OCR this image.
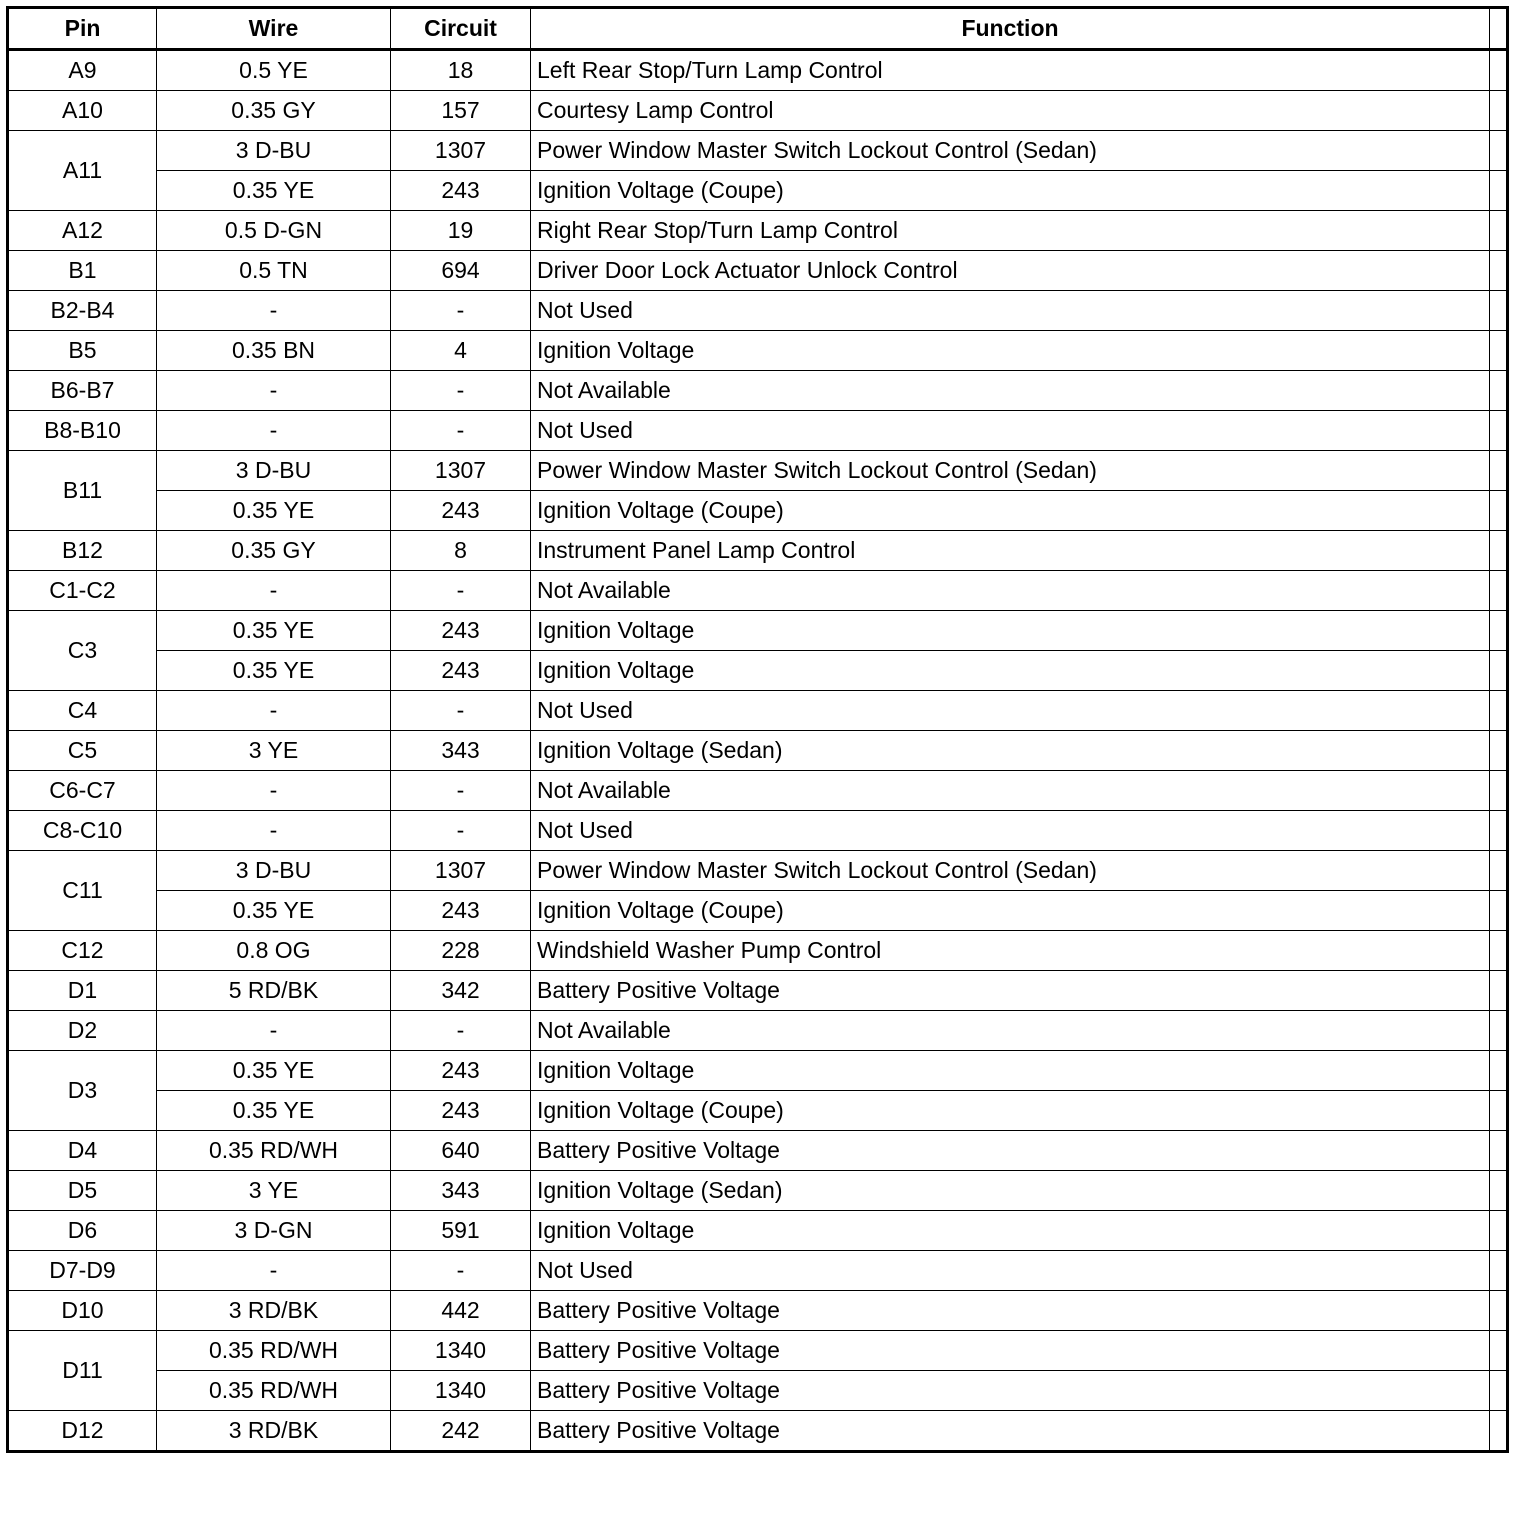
Pin	Wire	Circuit	Function	
A9	0.5 YE	18	Left Rear Stop/Turn Lamp Control	
A10	0.35 GY	157	Courtesy Lamp Control	
A11	3 D-BU	1307	Power Window Master Switch Lockout Control (Sedan)	
	0.35 YE	243	Ignition Voltage (Coupe)	
A12	0.5 D-GN	19	Right Rear Stop/Turn Lamp Control	
B1	0.5 TN	694	Driver Door Lock Actuator Unlock Control	
B2-B4	-	-	Not Used	
B5	0.35 BN	4	Ignition Voltage	
B6-B7	-	-	Not Available	
B8-B10	-	-	Not Used	
B11	3 D-BU	1307	Power Window Master Switch Lockout Control (Sedan)	
	0.35 YE	243	Ignition Voltage (Coupe)	
B12	0.35 GY	8	Instrument Panel Lamp Control	
C1-C2	-	-	Not Available	
C3	0.35 YE	243	Ignition Voltage	
	0.35 YE	243	Ignition Voltage	
C4	-	-	Not Used	
C5	3 YE	343	Ignition Voltage (Sedan)	
C6-C7	-	-	Not Available	
C8-C10	-	-	Not Used	
C11	3 D-BU	1307	Power Window Master Switch Lockout Control (Sedan)	
	0.35 YE	243	Ignition Voltage (Coupe)	
C12	0.8 OG	228	Windshield Washer Pump Control	
D1	5 RD/BK	342	Battery Positive Voltage	
D2	-	-	Not Available	
D3	0.35 YE	243	Ignition Voltage	
	0.35 YE	243	Ignition Voltage (Coupe)	
D4	0.35 RD/WH	640	Battery Positive Voltage	
D5	3 YE	343	Ignition Voltage (Sedan)	
D6	3 D-GN	591	Ignition Voltage	
D7-D9	-	-	Not Used	
D10	3 RD/BK	442	Battery Positive Voltage	
D11	0.35 RD/WH	1340	Battery Positive Voltage	
	0.35 RD/WH	1340	Battery Positive Voltage	
D12	3 RD/BK	242	Battery Positive Voltage	
